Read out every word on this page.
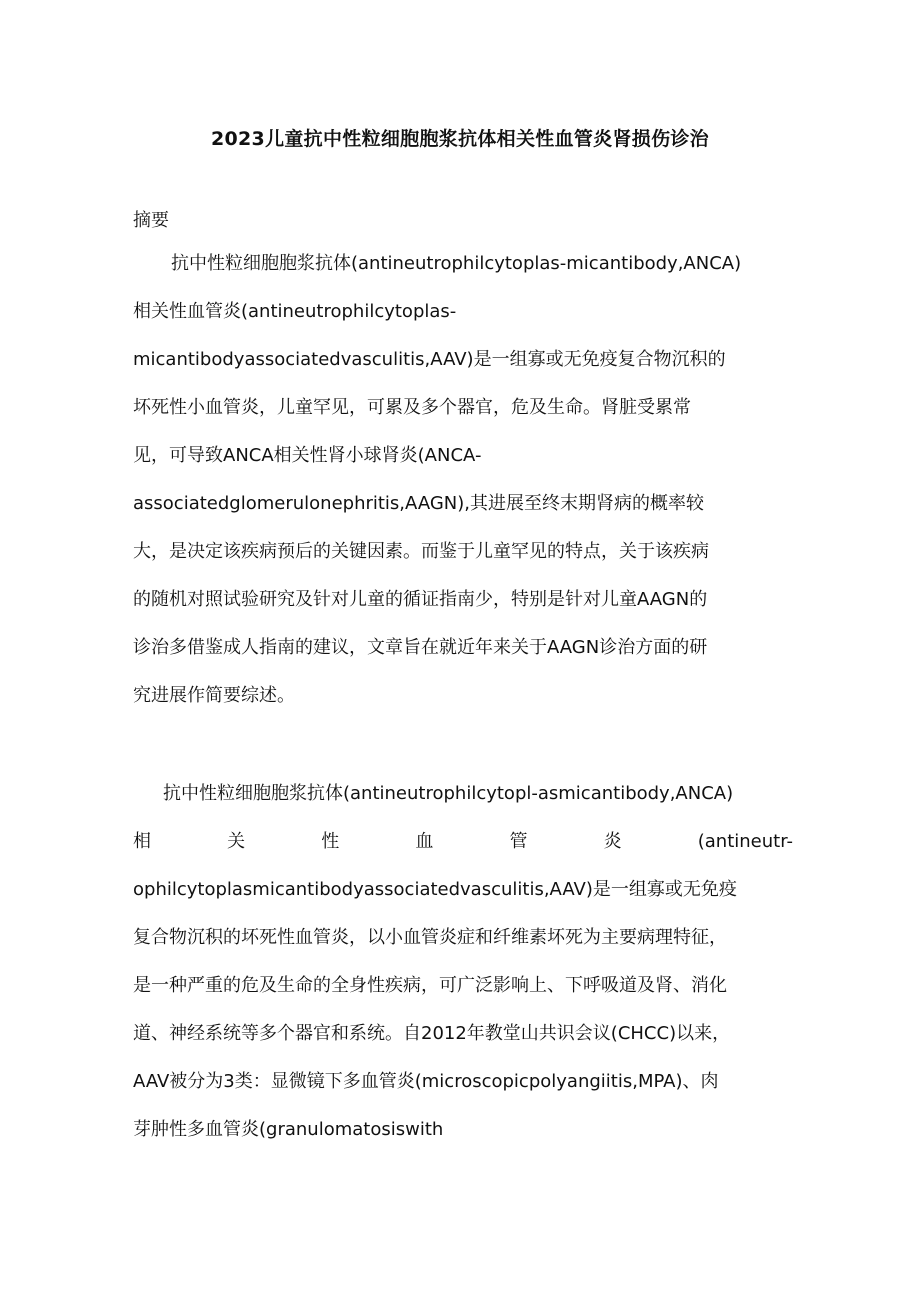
2023儿童抗中性粒细胞胞浆抗体相关性血管炎肾损伤诊治
摘要
抗中性粒细胞胞浆抗体(antineutrophilcytoplas-micantibody,ANCA)
相关性血管炎(antineutrophilcytoplas-
micantibodyassociatedvasculitis,AAV)是一组寡或无免疫复合物沉积的
坏死性小血管炎，儿童罕见，可累及多个器官，危及生命。肾脏受累常
见，可导致ANCA相关性肾小球肾炎(ANCA-
associatedglomerulonephritis,AAGN),其进展至终末期肾病的概率较
大，是决定该疾病预后的关键因素。而鉴于儿童罕见的特点，关于该疾病
的随机对照试验研究及针对儿童的循证指南少，特别是针对儿童AAGN的
诊治多借鉴成人指南的建议，文章旨在就近年来关于AAGN诊治方面的研
究进展作简要综述。
抗中性粒细胞胞浆抗体(antineutrophilcytopl-asmicantibody,ANCA)
相	关	性	血	管	炎	(antineutr-
ophilcytoplasmicantibodyassociatedvasculitis,AAV)是一组寡或无免疫
复合物沉积的坏死性血管炎，以小血管炎症和纤维素坏死为主要病理特征，
是一种严重的危及生命的全身性疾病，可广泛影响上、下呼吸道及肾、消化
道、神经系统等多个器官和系统。自2012年教堂山共识会议(CHCC)以来，
AAV被分为3类：显微镜下多血管炎(microscopicpolyangiitis,MPA)、肉
芽肿性多血管炎(granulomatosiswith
